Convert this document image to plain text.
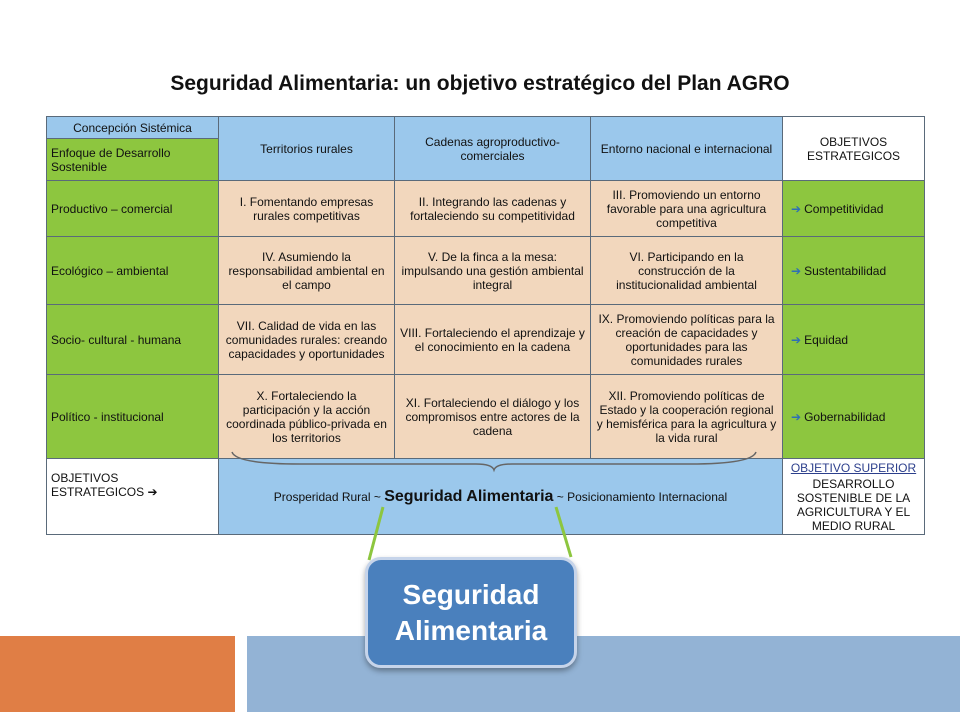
Seguridad Alimentaria: un objetivo estratégico del Plan AGRO
Concepción Sistémica	Territorios rurales	Cadenas agroproductivo-comerciales	Entorno nacional e internacional	OBJETIVOS ESTRATEGICOS
Enfoque de Desarrollo Sostenible				
Productivo – comercial	I. Fomentando empresas rurales competitivas	II. Integrando las cadenas y fortaleciendo su competitividad	III. Promoviendo un entorno favorable para una agricultura competitiva	➔ Competitividad
Ecológico – ambiental	IV. Asumiendo la responsabilidad ambiental en el campo	V. De la finca a la mesa: impulsando una gestión ambiental integral	VI. Participando en la construcción de la institucionalidad ambiental	➔ Sustentabilidad
Socio- cultural - humana	VII. Calidad de vida en las comunidades rurales: creando capacidades y oportunidades	VIII. Fortaleciendo el aprendizaje y el conocimiento en la cadena	IX. Promoviendo políticas para la creación de capacidades y oportunidades para las comunidades rurales	➔ Equidad
Político - institucional	X. Fortaleciendo la participación y la acción coordinada público-privada en los territorios	XI. Fortaleciendo el diálogo y los compromisos entre actores de la cadena	XII. Promoviendo políticas de Estado y la cooperación regional y hemisférica para la agricultura y la vida rural	➔ Gobernabilidad
OBJETIVOS ESTRATEGICOS ➔	Prosperidad Rural ~ Seguridad Alimentaria ~ Posicionamiento Internacional			OBJETIVO SUPERIOR
DESARROLLO SOSTENIBLE DE LA AGRICULTURA Y EL MEDIO RURAL
Seguridad
Alimentaria
